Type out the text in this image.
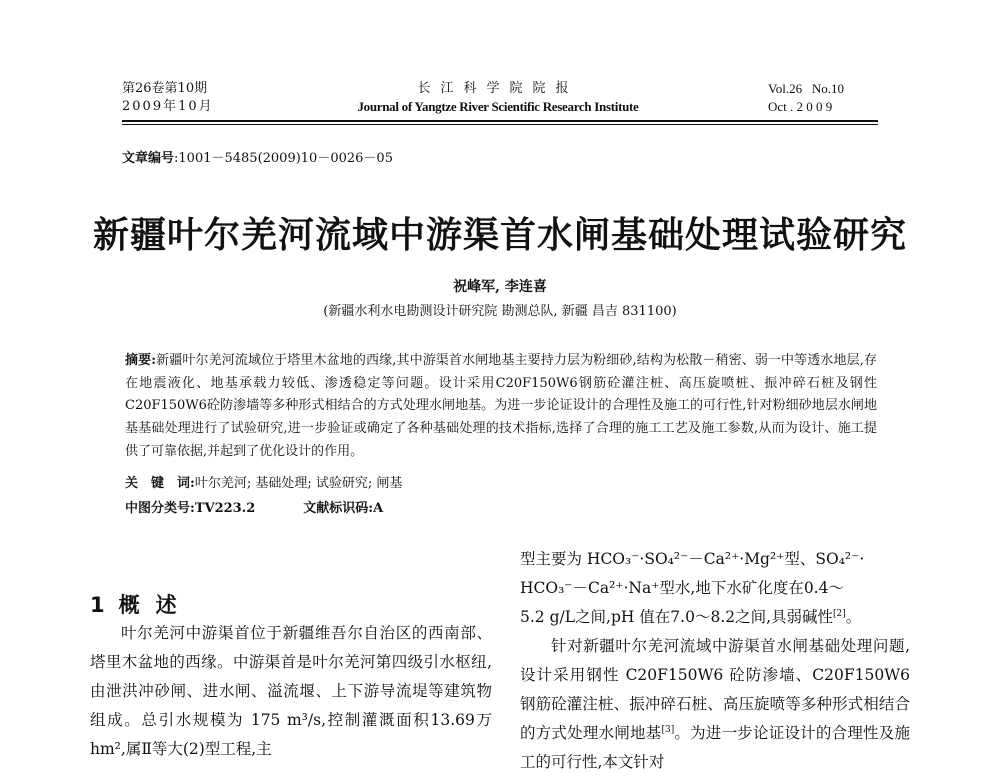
第26卷第10期
2009年10月
长江科学院院报
Journal of Yangtze River Scientific Research Institute
Vol.26   No.10
Oct . 2 0 0 9
文章编号:1001－5485(2009)10－0026－05
新疆叶尔羌河流域中游渠首水闸基础处理试验研究
祝峰军, 李连喜
(新疆水利水电勘测设计研究院 勘测总队, 新疆 昌吉 831100)
摘要:新疆叶尔羌河流域位于塔里木盆地的西缘,其中游渠首水闸地基主要持力层为粉细砂,结构为松散－稍密、弱一中等透水地层,存在地震液化、地基承载力较低、渗透稳定等问题。设计采用C20F150W6钢筋砼灌注桩、高压旋喷桩、振冲碎石桩及钢性C20F150W6砼防渗墙等多种形式相结合的方式处理水闸地基。为进一步论证设计的合理性及施工的可行性,针对粉细砂地层水闸地基基础处理进行了试验研究,进一步验证或确定了各种基础处理的技术指标,选择了合理的施工工艺及施工参数,从而为设计、施工提供了可靠依据,并起到了优化设计的作用。
关　键　词:叶尔羌河; 基础处理; 试验研究; 闸基
中图分类号:TV223.2	文献标识码:A
1 概述

叶尔羌河中游渠首位于新疆维吾尔自治区的西南部、塔里木盆地的西缘。中游渠首是叶尔羌河第四级引水枢纽,由泄洪冲砂闸、进水闸、溢流堰、上下游导流堤等建筑物组成。总引水规模为 175 m³/s,控制灌溉面积13.69万 hm²,属Ⅱ等大(2)型工程,主

型主要为 HCO₃⁻·SO₄²⁻－Ca²⁺·Mg²⁺型、SO₄²⁻·

HCO₃⁻－Ca²⁺·Na⁺型水,地下水矿化度在0.4～

5.2 g/L之间,pH 值在7.0～8.2之间,具弱碱性[2]。

针对新疆叶尔羌河流域中游渠首水闸基础处理问题,设计采用钢性 C20F150W6 砼防渗墙、C20F150W6钢筋砼灌注桩、振冲碎石桩、高压旋喷等多种形式相结合的方式处理水闸地基[3]。为进一步论证设计的合理性及施工的可行性,本文针对
